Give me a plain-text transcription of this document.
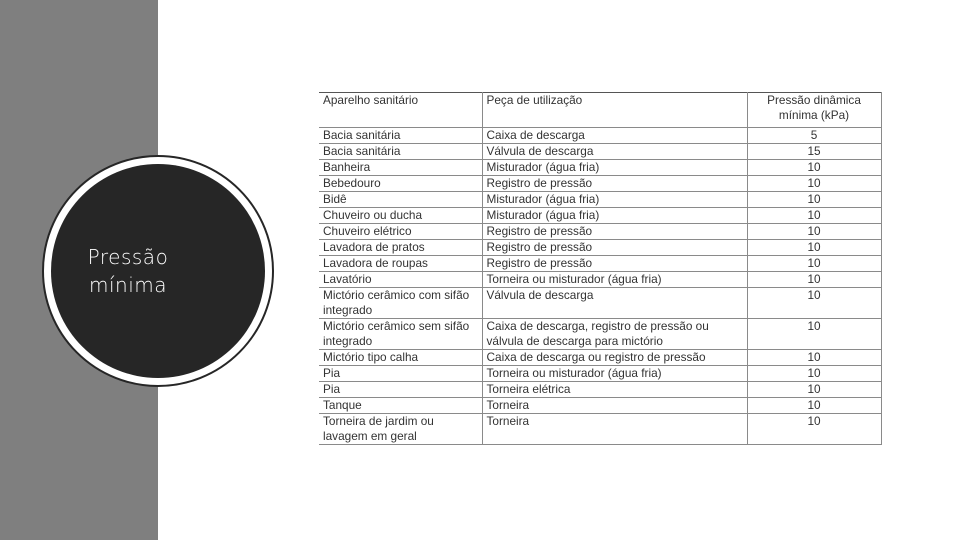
Pressão
mínima
Aparelho sanitário	Peça de utilização	Pressão dinâmica mínima (kPa)
Bacia sanitária	Caixa de descarga	5
Bacia sanitária	Válvula de descarga	15
Banheira	Misturador (água fria)	10
Bebedouro	Registro de pressão	10
Bidê	Misturador (água fria)	10
Chuveiro ou ducha	Misturador (água fria)	10
Chuveiro elétrico	Registro de pressão	10
Lavadora de pratos	Registro de pressão	10
Lavadora de roupas	Registro de pressão	10
Lavatório	Torneira ou misturador (água fria)	10
Mictório cerâmico com sifão integrado	Válvula de descarga	10
Mictório cerâmico sem sifão integrado	Caixa de descarga, registro de pressão ou válvula de descarga para mictório	10
Mictório tipo calha	Caixa de descarga ou registro de pressão	10
Pia	Torneira ou misturador (água fria)	10
Pia	Torneira elétrica	10
Tanque	Torneira	10
Torneira de jardim ou lavagem em geral	Torneira	10
